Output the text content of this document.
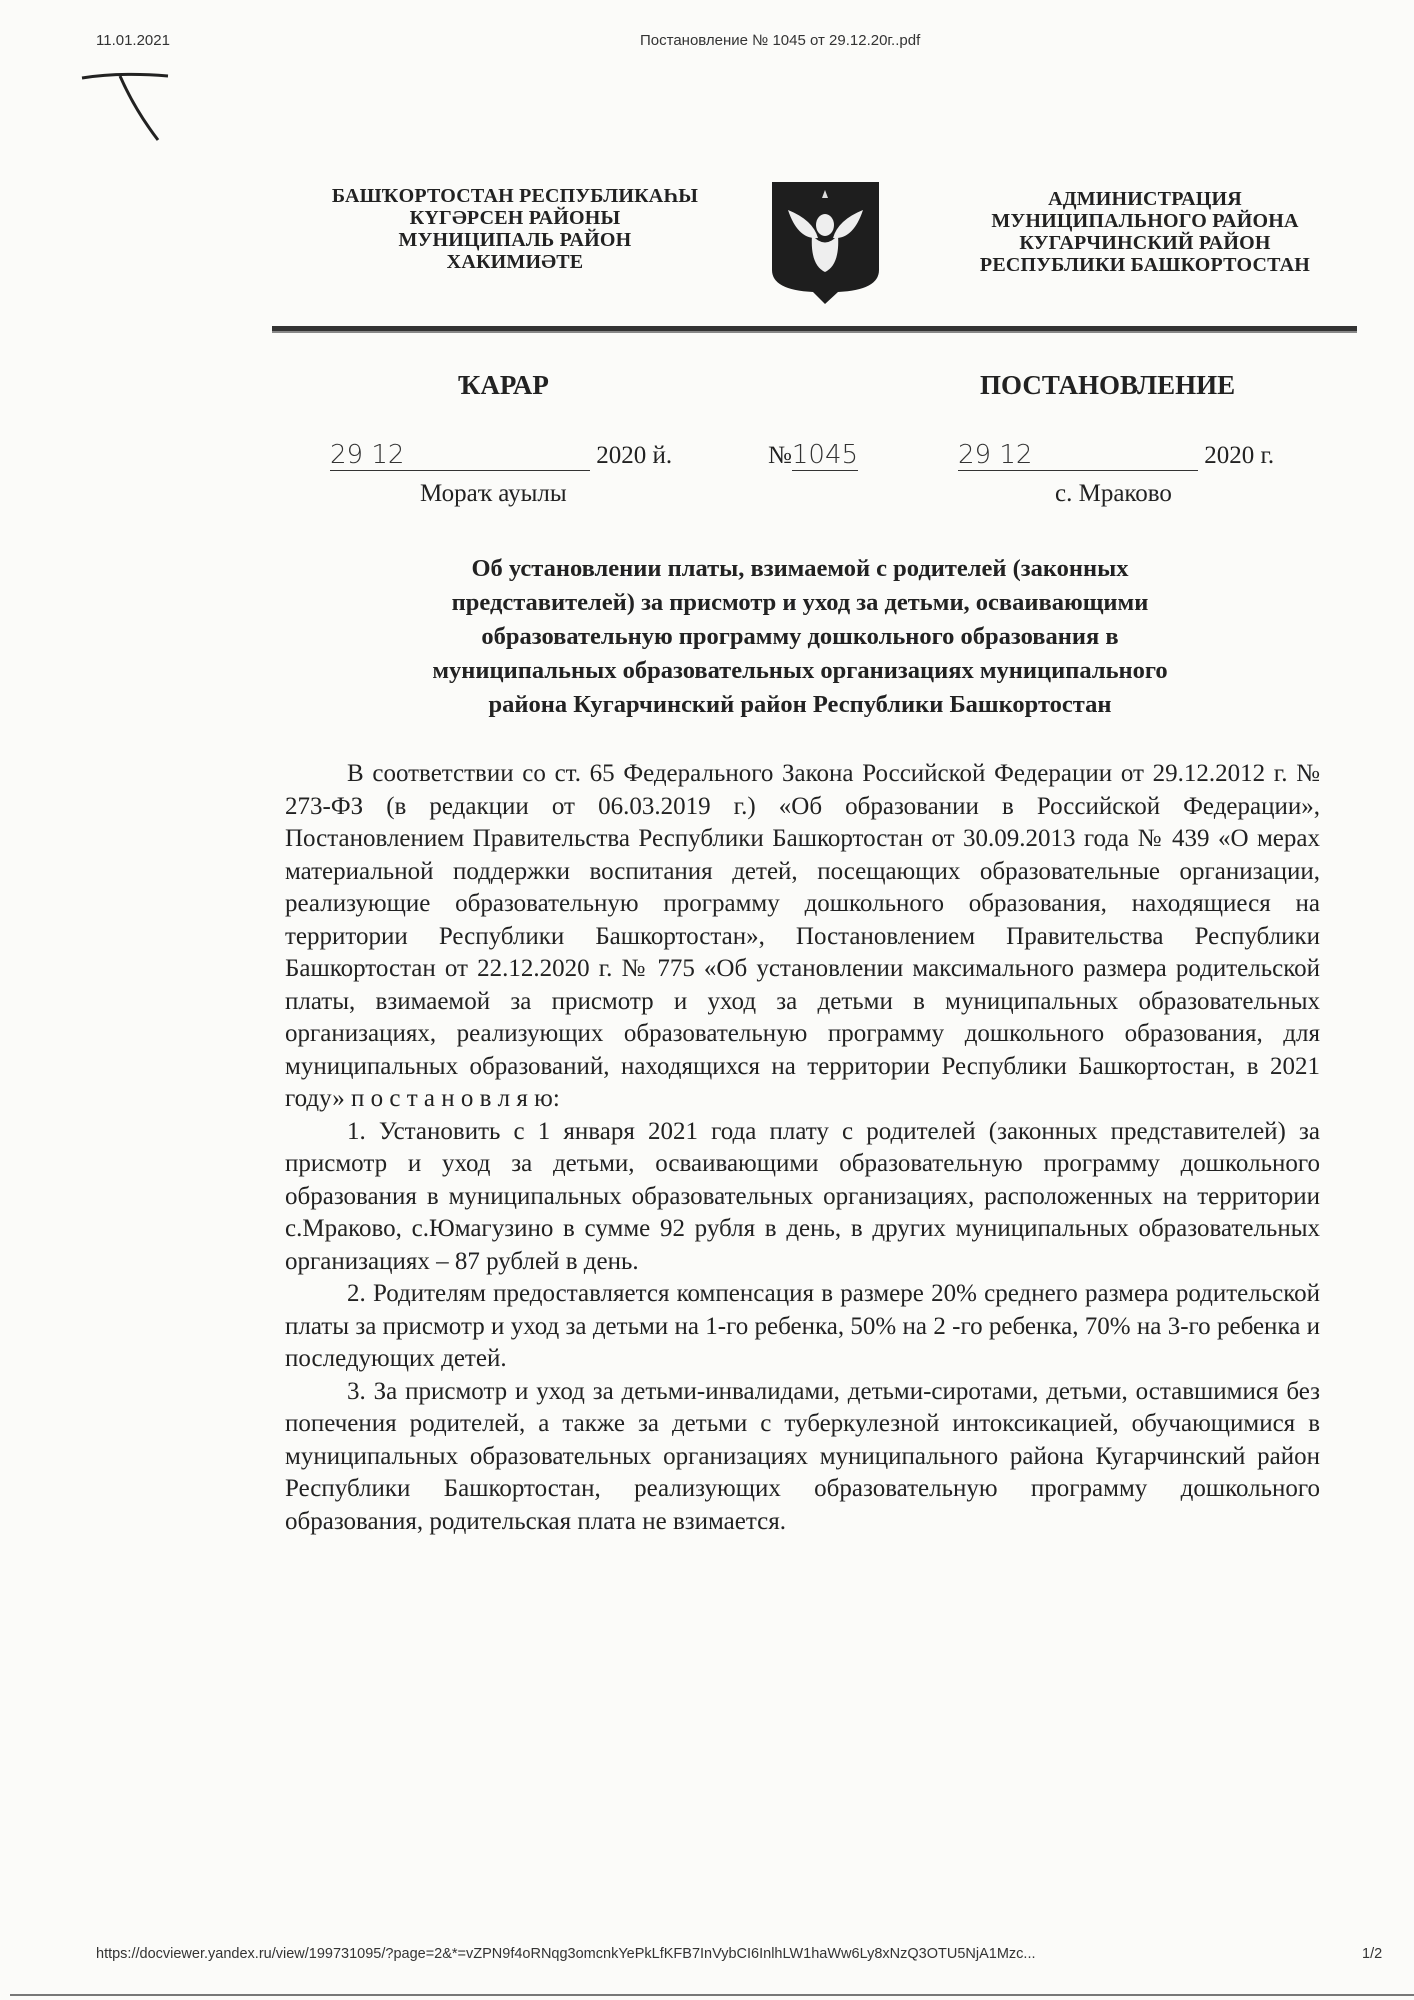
11.01.2021	Постановление № 1045 от 29.12.20г..pdf
БАШҠОРТОСТАН РЕСПУБЛИКАҺЫ
КҮГӘРСЕН РАЙОНЫ
МУНИЦИПАЛЬ РАЙОН
ХАКИМИӘТЕ
АДМИНИСТРАЦИЯ
МУНИЦИПАЛЬНОГО РАЙОНА
КУГАРЧИНСКИЙ РАЙОН
РЕСПУБЛИКИ БАШКОРТОСТАН
ҠАРАР	ПОСТАНОВЛЕНИЕ
29 12	2020 й.	№1045	29 12	2020 г.
Мораҡ ауылы	с. Мраково
Об установлении платы, взимаемой с родителей (законных
представителей) за присмотр и уход за детьми, осваивающими
образовательную программу дошкольного образования в
муниципальных образовательных организациях муниципального
района Кугарчинский район Республики Башкортостан

В соответствии со ст. 65 Федерального Закона Российской Федерации от 29.12.2012 г. № 273-ФЗ (в редакции от 06.03.2019 г.) «Об образовании в Российской Федерации», Постановлением Правительства Республики Башкортостан от 30.09.2013 года № 439 «О мерах материальной поддержки воспитания детей, посещающих образовательные организации, реализующие образовательную программу дошкольного образования, находящиеся на территории Республики Башкортостан», Постановлением Правительства Республики Башкортостан от 22.12.2020 г. № 775 «Об установлении максимального размера родительской платы, взимаемой за присмотр и уход за детьми в муниципальных образовательных организациях, реализующих образовательную программу дошкольного образования, для муниципальных образований, находящихся на территории Республики Башкортостан, в 2021 году» п о с т а н о в л я ю:

1. Установить с 1 января 2021 года плату с родителей (законных представителей) за присмотр и уход за детьми, осваивающими образовательную программу дошкольного образования в муниципальных образовательных организациях, расположенных на территории с.Мраково, с.Юмагузино в сумме 92 рубля в день, в других муниципальных образовательных организациях – 87 рублей в день.

2. Родителям предоставляется компенсация в размере 20% среднего размера родительской платы за присмотр и уход за детьми на 1-го ребенка, 50% на 2 -го ребенка, 70% на 3-го ребенка и последующих детей.

3. За присмотр и уход за детьми-инвалидами, детьми-сиротами, детьми, оставшимися без попечения родителей, а также за детьми с туберкулезной интоксикацией, обучающимися в муниципальных образовательных организациях муниципального района Кугарчинский район Республики Башкортостан, реализующих образовательную программу дошкольного образования, родительская плата не взимается.

https://docviewer.yandex.ru/view/199731095/?page=2&*=vZPN9f4oRNqg3omcnkYePkLfKFB7InVybCI6InlhLW1haWw6Ly8xNzQ3OTU5NjA1Mzc...	1/2
